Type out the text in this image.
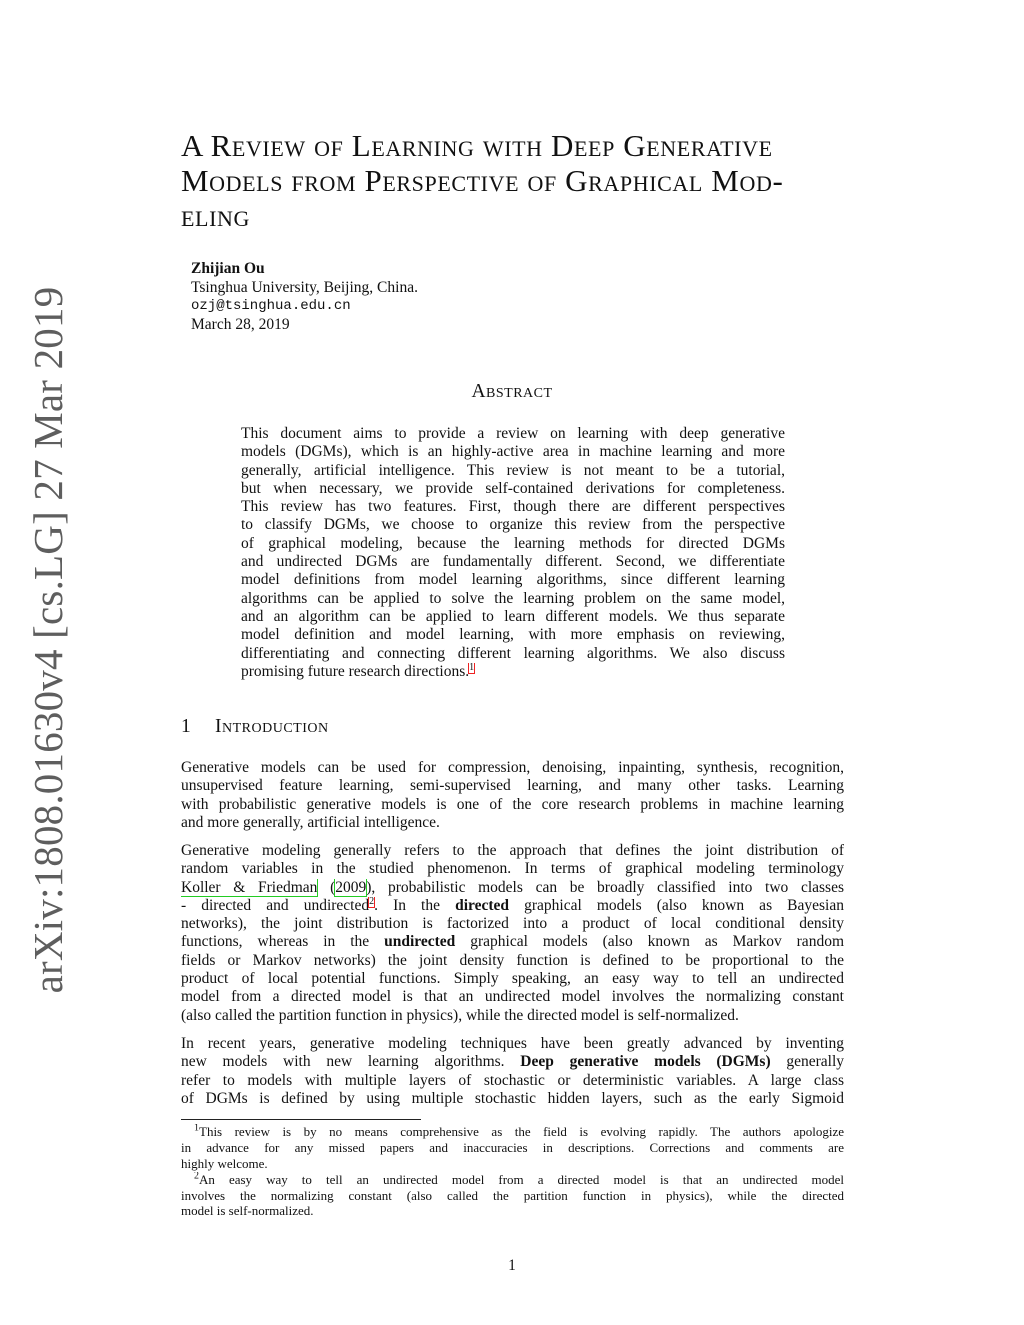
arXiv:1808.01630v4 [cs.LG] 27 Mar 2019
A Review of Learning with Deep Generative
Models from Perspective of Graphical Mod-
eling
Zhijian Ou
Tsinghua University, Beijing, China.
ozj@tsinghua.edu.cn
March 28, 2019
Abstract
This document aims to provide a review on learning with deep generative
models (DGMs), which is an highly-active area in machine learning and more
generally, artificial intelligence. This review is not meant to be a tutorial,
but when necessary, we provide self-contained derivations for completeness.
This review has two features. First, though there are different perspectives
to classify DGMs, we choose to organize this review from the perspective
of graphical modeling, because the learning methods for directed DGMs
and undirected DGMs are fundamentally different. Second, we differentiate
model definitions from model learning algorithms, since different learning
algorithms can be applied to solve the learning problem on the same model,
and an algorithm can be applied to learn different models. We thus separate
model definition and model learning, with more emphasis on reviewing,
differentiating and connecting different learning algorithms. We also discuss
promising future research directions.$^1$
1 Introduction
Generative models can be used for compression, denoising, inpainting, synthesis, recognition,
unsupervised feature learning, semi-supervised learning, and many other tasks. Learning
with probabilistic generative models is one of the core research problems in machine learning
and more generally, artificial intelligence.
Generative modeling generally refers to the approach that defines the joint distribution of
random variables in the studied phenomenon. In terms of graphical modeling terminology
Koller & Friedman (2009), probabilistic models can be broadly classified into two classes
- directed and undirected$^2$. In the directed graphical models (also known as Bayesian
networks), the joint distribution is factorized into a product of local conditional density
functions, whereas in the undirected graphical models (also known as Markov random
fields or Markov networks) the joint density function is defined to be proportional to the
product of local potential functions. Simply speaking, an easy way to tell an undirected
model from a directed model is that an undirected model involves the normalizing constant
(also called the partition function in physics), while the directed model is self-normalized.
In recent years, generative modeling techniques have been greatly advanced by inventing
new models with new learning algorithms. Deep generative models (DGMs) generally
refer to models with multiple layers of stochastic or deterministic variables. A large class
of DGMs is defined by using multiple stochastic hidden layers, such as the early Sigmoid
 $^1$This review is by no means comprehensive as the field is evolving rapidly. The authors apologize
in advance for any missed papers and inaccuracies in descriptions. Corrections and comments are
highly welcome.
 $^2$An easy way to tell an undirected model from a directed model is that an undirected model
involves the normalizing constant (also called the partition function in physics), while the directed
model is self-normalized.
1
